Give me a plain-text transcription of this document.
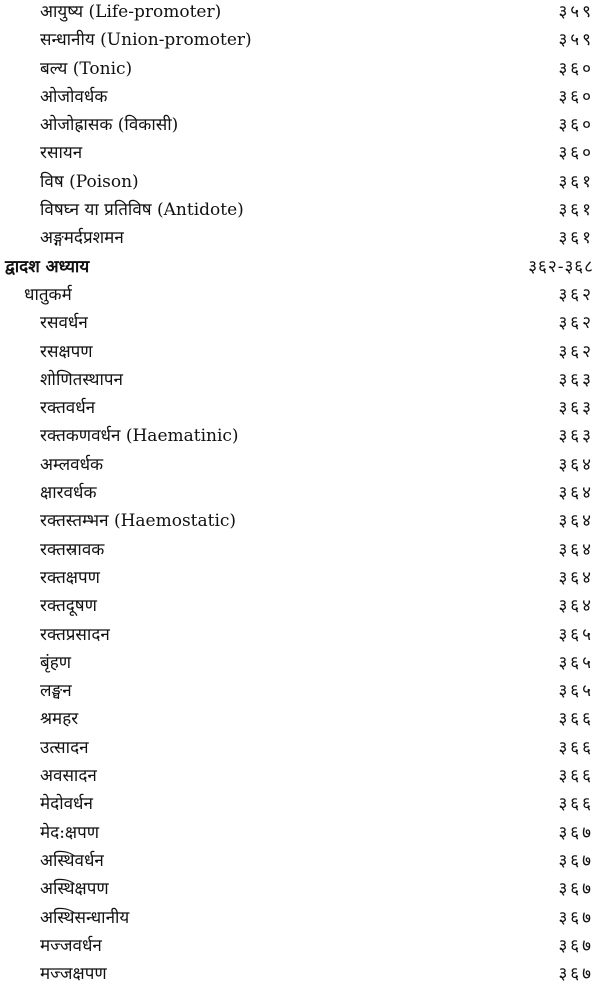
आयुष्य (Life-promoter)	३५९
सन्धानीय (Union-promoter)	३५९
बल्य (Tonic)	३६०
ओजोवर्धक	३६०
ओजोह्रासक (विकासी)	३६०
रसायन	३६०
विष (Poison)	३६१
विषघ्न या प्रतिविष (Antidote)	३६१
अङ्गमर्दप्रशमन	३६१
द्वादश अध्याय	३६२-३६८
धातुकर्म	३६२
रसवर्धन	३६२
रसक्षपण	३६२
शोणितस्थापन	३६३
रक्तवर्धन	३६३
रक्तकणवर्धन (Haematinic)	३६३
अम्लवर्धक	३६४
क्षारवर्धक	३६४
रक्तस्तम्भन (Haemostatic)	३६४
रक्तस्रावक	३६४
रक्तक्षपण	३६४
रक्तदूषण	३६४
रक्तप्रसादन	३६५
बृंहण	३६५
लङ्घन	३६५
श्रमहर	३६६
उत्सादन	३६६
अवसादन	३६६
मेदोवर्धन	३६६
मेद:क्षपण	३६७
अस्थिवर्धन	३६७
अस्थिक्षपण	३६७
अस्थिसन्धानीय	३६७
मज्जवर्धन	३६७
मज्जक्षपण	३६७
